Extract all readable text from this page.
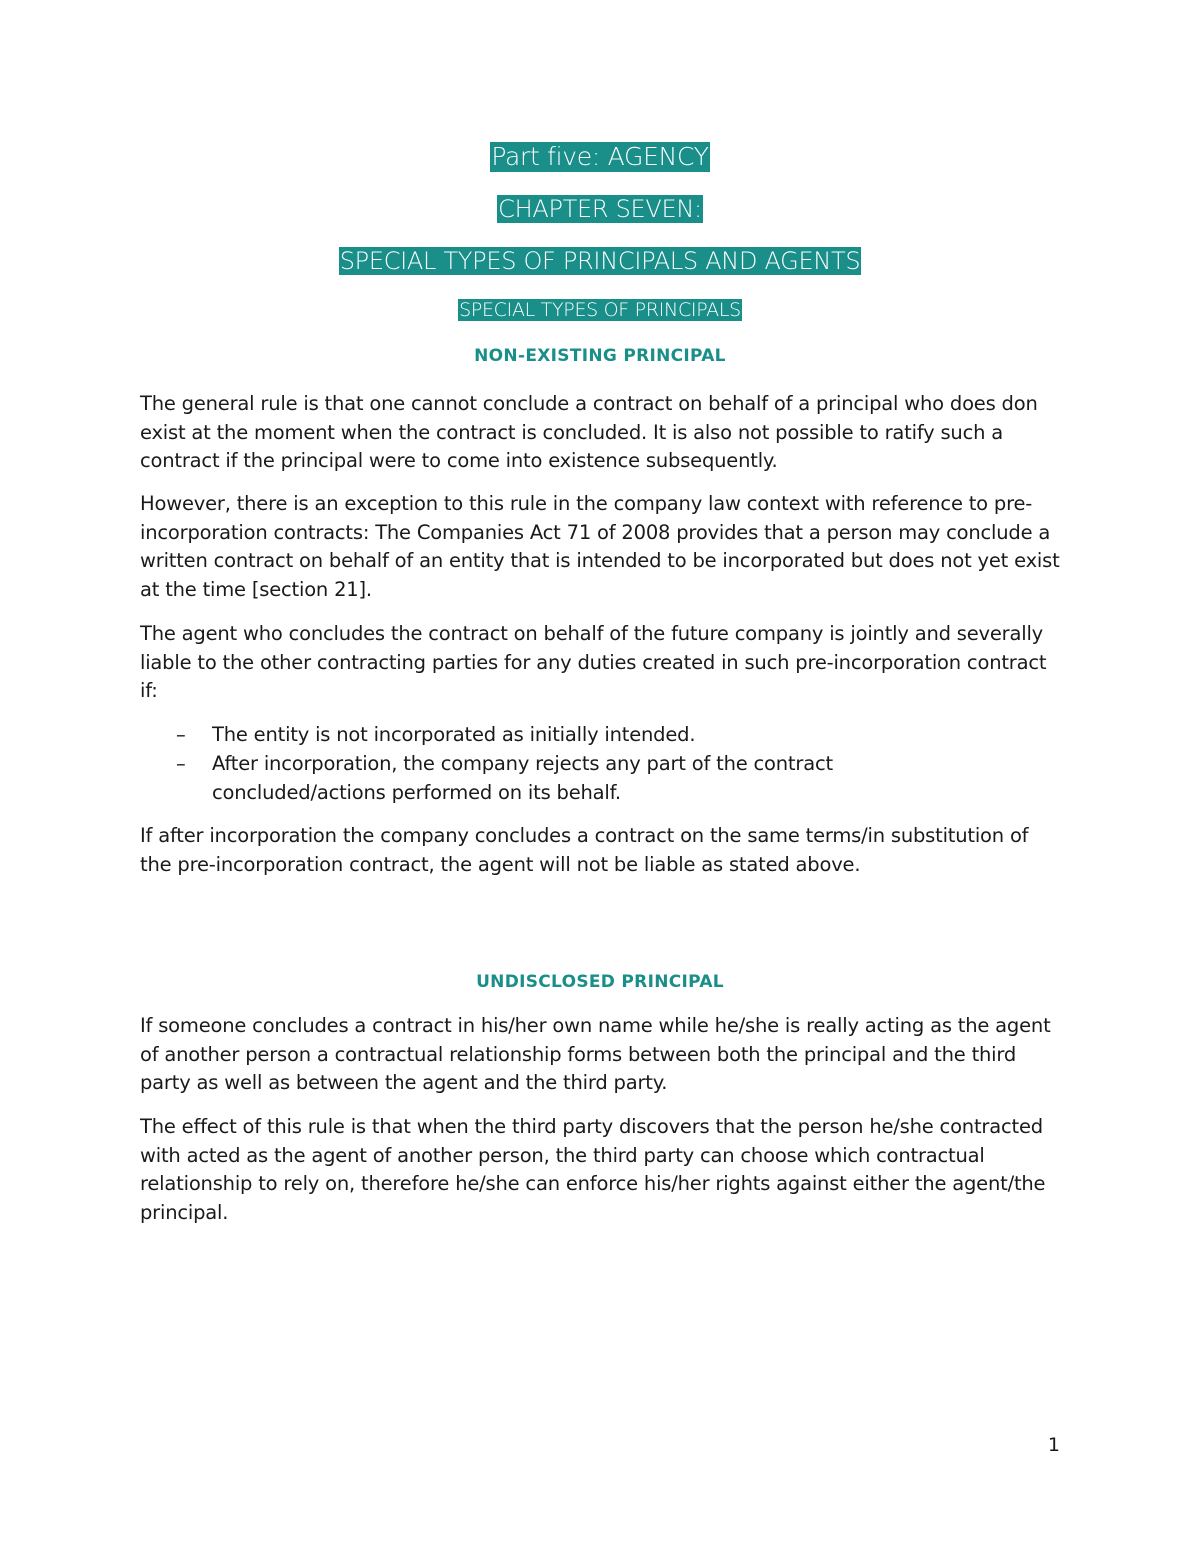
Part five: AGENCY
CHAPTER SEVEN:
SPECIAL TYPES OF PRINCIPALS AND AGENTS
SPECIAL TYPES OF PRINCIPALS
NON-EXISTING PRINCIPAL

The general rule is that one cannot conclude a contract on behalf of a principal who does don exist at the moment when the contract is concluded. It is also not possible to ratify such a contract if the principal were to come into existence subsequently.

However, there is an exception to this rule in the company law context with reference to pre-incorporation contracts: The Companies Act 71 of 2008 provides that a person may conclude a written contract on behalf of an entity that is intended to be incorporated but does not yet exist at the time [section 21].

The agent who concludes the contract on behalf of the future company is jointly and severally liable to the other contracting parties for any duties created in such pre-incorporation contract if:

– The entity is not incorporated as initially intended.
– After incorporation, the company rejects any part of the contract concluded/actions performed on its behalf.

If after incorporation the company concludes a contract on the same terms/in substitution of the pre-incorporation contract, the agent will not be liable as stated above.

UNDISCLOSED PRINCIPAL

If someone concludes a contract in his/her own name while he/she is really acting as the agent of another person a contractual relationship forms between both the principal and the third party as well as between the agent and the third party.

The effect of this rule is that when the third party discovers that the person he/she contracted with acted as the agent of another person, the third party can choose which contractual relationship to rely on, therefore he/she can enforce his/her rights against either the agent/the principal.

1
